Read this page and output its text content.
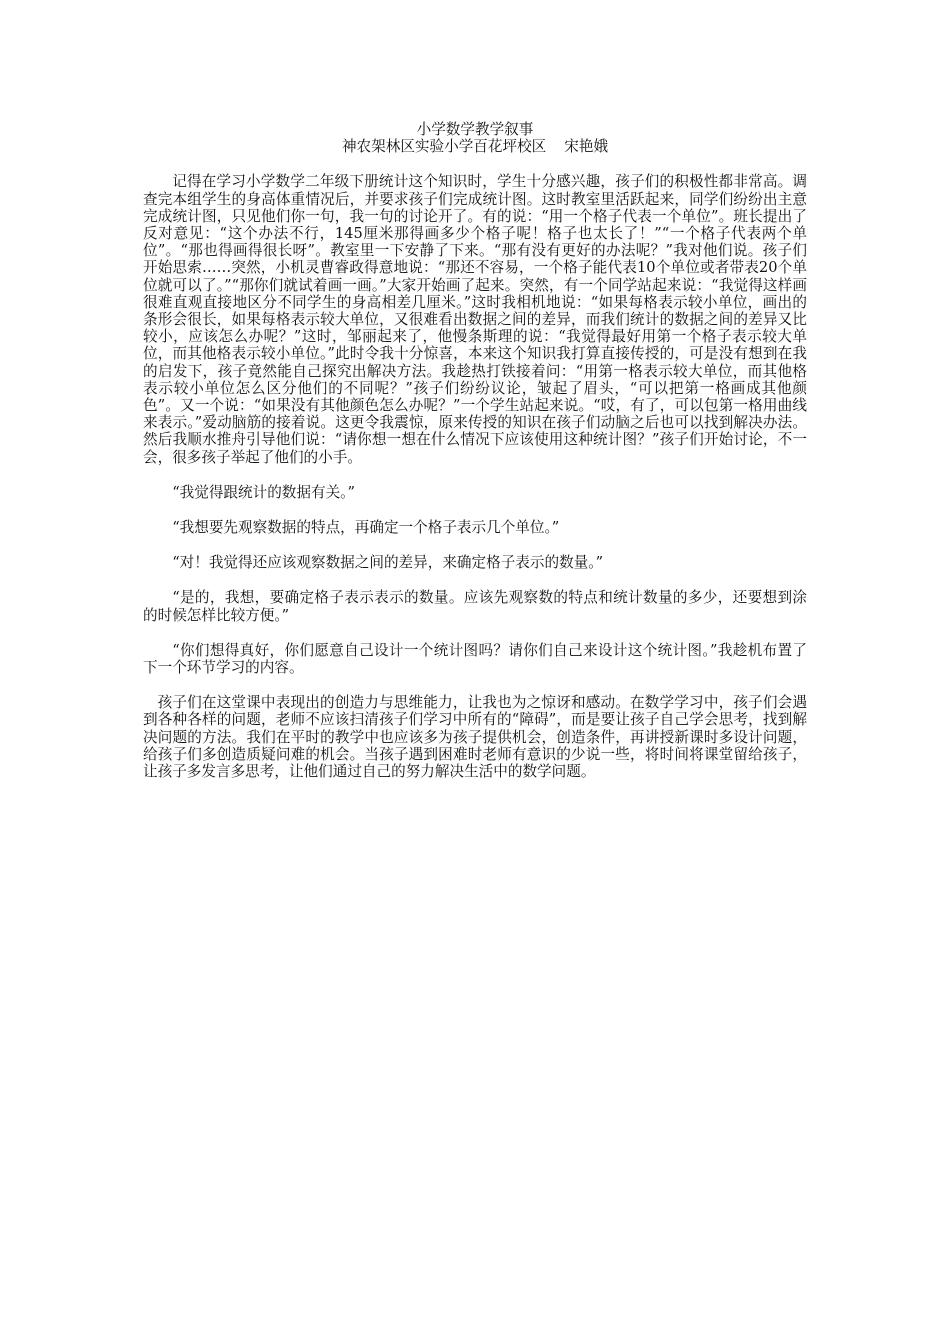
小学数学教学叙事
神农架林区实验小学百花坪校区 宋艳娥

记得在学习小学数学二年级下册统计这个知识时，学生十分感兴趣，孩子们的积极性都非常高。调查完本组学生的身高体重情况后，并要求孩子们完成统计图。这时教室里活跃起来，同学们纷纷出主意完成统计图，只见他们你一句，我一句的讨论开了。有的说：“用一个格子代表一个单位”。班长提出了反对意见：“这个办法不行，145厘米那得画多少个格子呢！格子也太长了！”“一个格子代表两个单位”。“那也得画得很长呀”。教室里一下安静了下来。“那有没有更好的办法呢？”我对他们说。孩子们开始思索……突然，小机灵曹睿政得意地说：“那还不容易，一个格子能代表10个单位或者带表20个单位就可以了。”“那你们就试着画一画。”大家开始画了起来。突然，有一个同学站起来说：“我觉得这样画很难直观直接地区分不同学生的身高相差几厘米。”这时我相机地说：“如果每格表示较小单位，画出的条形会很长，如果每格表示较大单位，又很难看出数据之间的差异，而我们统计的数据之间的差异又比较小，应该怎么办呢？”这时，邹丽起来了，他慢条斯理的说：“我觉得最好用第一个格子表示较大单位，而其他格表示较小单位。”此时令我十分惊喜，本来这个知识我打算直接传授的，可是没有想到在我的启发下，孩子竟然能自己探究出解决方法。我趁热打铁接着问：“用第一格表示较大单位，而其他格表示较小单位怎么区分他们的不同呢？”孩子们纷纷议论，皱起了眉头，“可以把第一格画成其他颜色”。又一个说：“如果没有其他颜色怎么办呢？”一个学生站起来说。“哎，有了，可以包第一格用曲线来表示。”爱动脑筋的接着说。这更令我震惊，原来传授的知识在孩子们动脑之后也可以找到解决办法。然后我顺水推舟引导他们说：“请你想一想在什么情况下应该使用这种统计图？”孩子们开始讨论，不一会，很多孩子举起了他们的小手。

“我觉得跟统计的数据有关。”

“我想要先观察数据的特点，再确定一个格子表示几个单位。”

“对！我觉得还应该观察数据之间的差异，来确定格子表示的数量。”

“是的，我想，要确定格子表示表示的数量。应该先观察数的特点和统计数量的多少，还要想到涂的时候怎样比较方便。”

“你们想得真好，你们愿意自己设计一个统计图吗？请你们自己来设计这个统计图。”我趁机布置了下一个环节学习的内容。

孩子们在这堂课中表现出的创造力与思维能力，让我也为之惊讶和感动。在数学学习中，孩子们会遇到各种各样的问题，老师不应该扫清孩子们学习中所有的“障碍”，而是要让孩子自己学会思考，找到解决问题的方法。我们在平时的教学中也应该多为孩子提供机会，创造条件，再讲授新课时多设计问题，给孩子们多创造质疑问难的机会。当孩子遇到困难时老师有意识的少说一些，将时间将课堂留给孩子，让孩子多发言多思考，让他们通过自己的努力解决生活中的数学问题。
